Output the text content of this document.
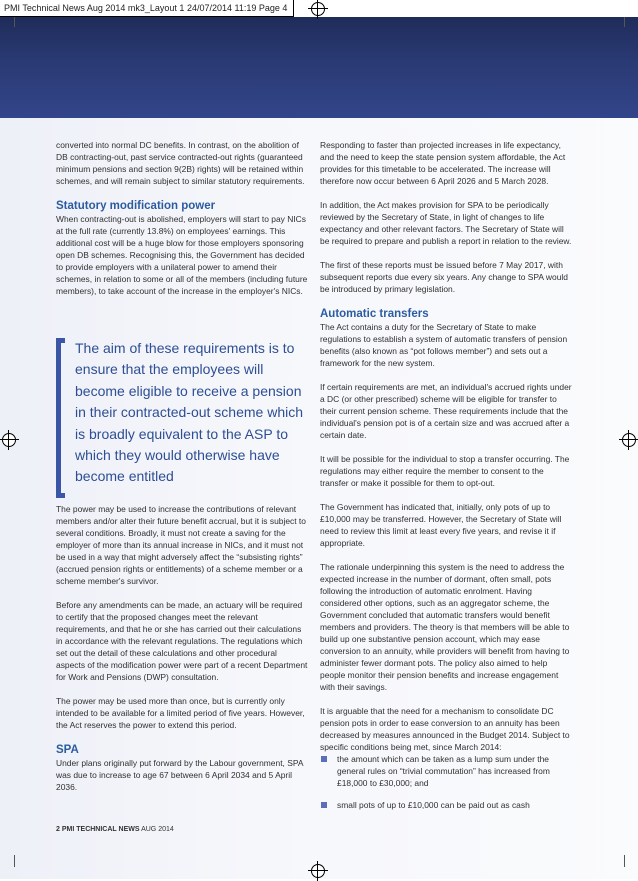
PMI Technical News Aug 2014 mk3_Layout 1 24/07/2014 11:19 Page 4

converted into normal DC benefits. In contrast, on the abolition of DB contracting-out, past service contracted-out rights (guaranteed minimum pensions and section 9(2B) rights) will be retained within schemes, and will remain subject to similar statutory requirements.

Statutory modification power

When contracting-out is abolished, employers will start to pay NICs at the full rate (currently 13.8%) on employees' earnings. This additional cost will be a huge blow for those employers sponsoring open DB schemes. Recognising this, the Government has decided to provide employers with a unilateral power to amend their schemes, in relation to some or all of the members (including future members), to take account of the increase in the employer's NICs.

The aim of these requirements is to ensure that the employees will become eligible to receive a pension in their contracted-out scheme which is broadly equivalent to the ASP to which they would otherwise have become entitled

The power may be used to increase the contributions of relevant members and/or alter their future benefit accrual, but it is subject to several conditions. Broadly, it must not create a saving for the employer of more than its annual increase in NICs, and it must not be used in a way that might adversely affect the “subsisting rights” (accrued pension rights or entitlements) of a scheme member or a scheme member's survivor.

Before any amendments can be made, an actuary will be required to certify that the proposed changes meet the relevant requirements, and that he or she has carried out their calculations in accordance with the relevant regulations. The regulations which set out the detail of these calculations and other procedural aspects of the modification power were part of a recent Department for Work and Pensions (DWP) consultation.

The power may be used more than once, but is currently only intended to be available for a limited period of five years. However, the Act reserves the power to extend this period.

SPA

Under plans originally put forward by the Labour government, SPA was due to increase to age 67 between 6 April 2034 and 5 April 2036.

Responding to faster than projected increases in life expectancy, and the need to keep the state pension system affordable, the Act provides for this timetable to be accelerated. The increase will therefore now occur between 6 April 2026 and 5 March 2028.

In addition, the Act makes provision for SPA to be periodically reviewed by the Secretary of State, in light of changes to life expectancy and other relevant factors. The Secretary of State will be required to prepare and publish a report in relation to the review.

The first of these reports must be issued before 7 May 2017, with subsequent reports due every six years. Any change to SPA would be introduced by primary legislation.

Automatic transfers

The Act contains a duty for the Secretary of State to make regulations to establish a system of automatic transfers of pension benefits (also known as “pot follows member”) and sets out a framework for the new system.

If certain requirements are met, an individual's accrued rights under a DC (or other prescribed) scheme will be eligible for transfer to their current pension scheme. These requirements include that the individual's pension pot is of a certain size and was accrued after a certain date.

It will be possible for the individual to stop a transfer occurring. The regulations may either require the member to consent to the transfer or make it possible for them to opt-out.

The Government has indicated that, initially, only pots of up to £10,000 may be transferred. However, the Secretary of State will need to review this limit at least every five years, and revise it if appropriate.

The rationale underpinning this system is the need to address the expected increase in the number of dormant, often small, pots following the introduction of automatic enrolment. Having considered other options, such as an aggregator scheme, the Government concluded that automatic transfers would benefit members and providers. The theory is that members will be able to build up one substantive pension account, which may ease conversion to an annuity, while providers will benefit from having to administer fewer dormant pots. The policy also aimed to help people monitor their pension benefits and increase engagement with their savings.

It is arguable that the need for a mechanism to consolidate DC pension pots in order to ease conversion to an annuity has been decreased by measures announced in the Budget 2014. Subject to specific conditions being met, since March 2014:

the amount which can be taken as a lump sum under the general rules on “trivial commutation” has increased from £18,000 to £30,000; and
small pots of up to £10,000 can be paid out as cash
2 PMI TECHNICAL NEWS AUG 2014
